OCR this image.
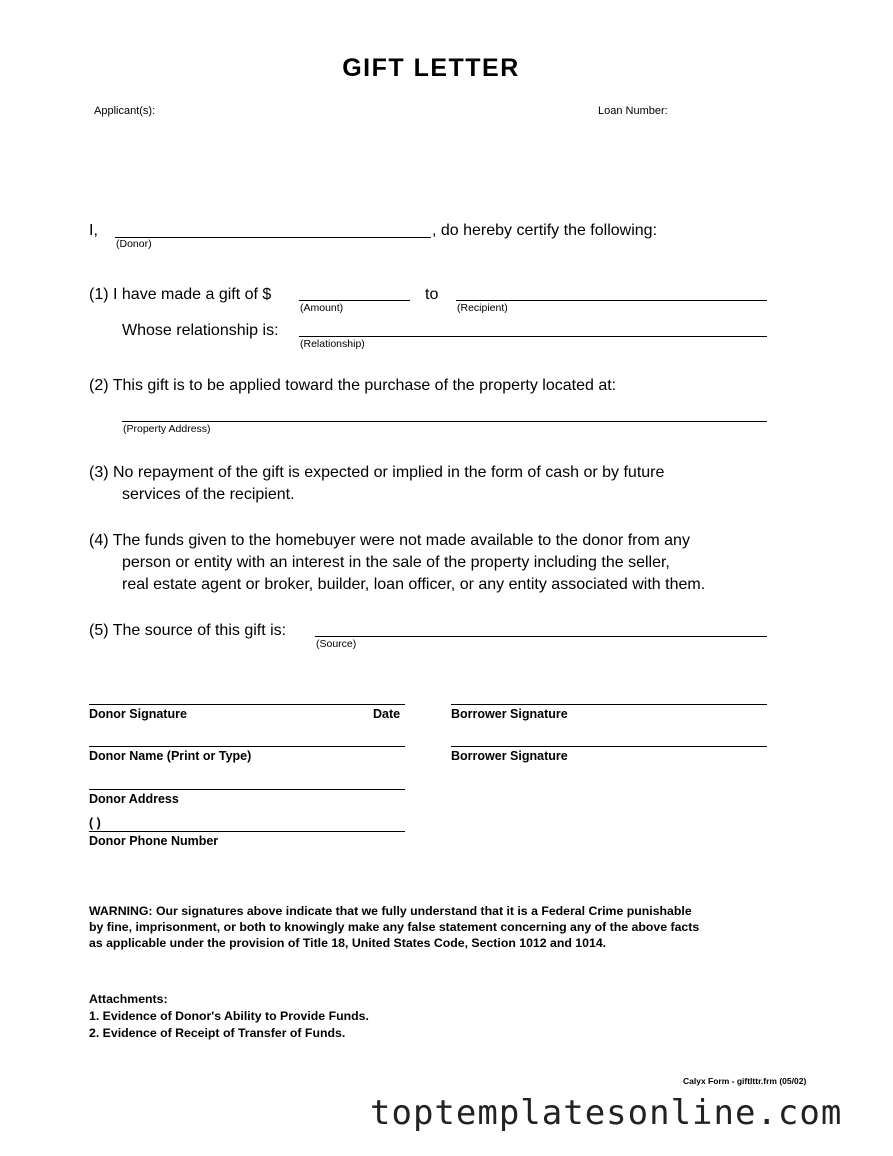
GIFT LETTER
Applicant(s):	Loan Number:
I,	, do hereby certify the following:
(Donor)
(1) I have made a gift of $
(Amount)
to
(Recipient)
Whose relationship is:
(Relationship)
(2) This gift is to be applied toward the purchase of the property located at:
(Property Address)
(3) No repayment of the gift is expected or implied in the form of cash or by future
services of the recipient.
(4) The funds given to the homebuyer were not made available to the donor from any
person or entity with an interest in the sale of the property including the seller,
real estate agent or broker, builder, loan officer, or any entity associated with them.
(5) The source of this gift is:
(Source)
Donor Signature	Date	Borrower Signature
Donor Name (Print or Type)	Borrower Signature
Donor Address
( )
Donor Phone Number
WARNING: Our signatures above indicate that we fully understand that it is a Federal Crime punishable
by fine, imprisonment, or both to knowingly make any false statement concerning any of the above facts
as applicable under the provision of Title 18, United States Code, Section 1012 and 1014.
Attachments:
1. Evidence of Donor's Ability to Provide Funds.
2. Evidence of Receipt of Transfer of Funds.
Calyx Form - giftlttr.frm (05/02)
toptemplatesonline.com
